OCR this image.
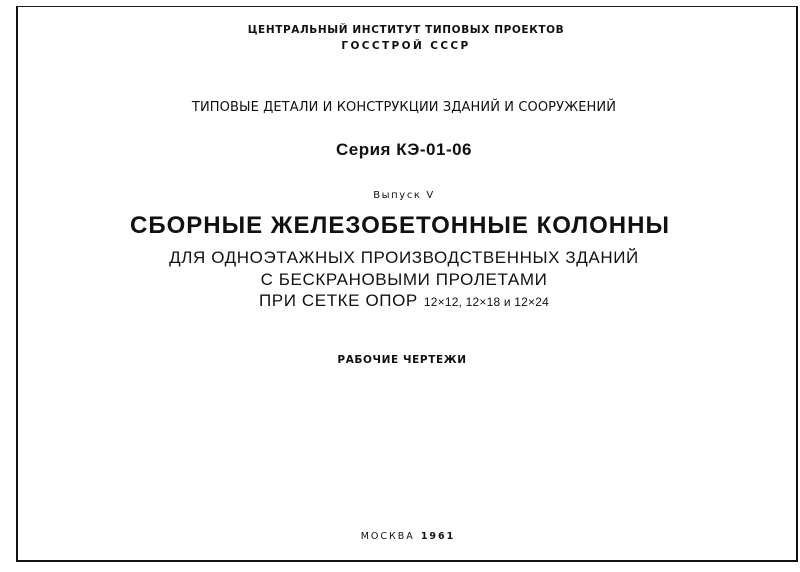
ЦЕНТРАЛЬНЫЙ ИНСТИТУТ ТИПОВЫХ ПРОЕКТОВ
ГОССТРОЙ СССР
ТИПОВЫЕ ДЕТАЛИ И КОНСТРУКЦИИ ЗДАНИЙ И СООРУЖЕНИЙ
Серия КЭ-01-06
Выпуск V
СБОРНЫЕ ЖЕЛЕЗОБЕТОННЫЕ КОЛОННЫ
ДЛЯ ОДНОЭТАЖНЫХ ПРОИЗВОДСТВЕННЫХ ЗДАНИЙ
С БЕСКРАНОВЫМИ ПРОЛЕТАМИ
ПРИ СЕТКЕ ОПОР 12×12, 12×18 и 12×24
РАБОЧИЕ ЧЕРТЕЖИ
МОСКВА 1961
